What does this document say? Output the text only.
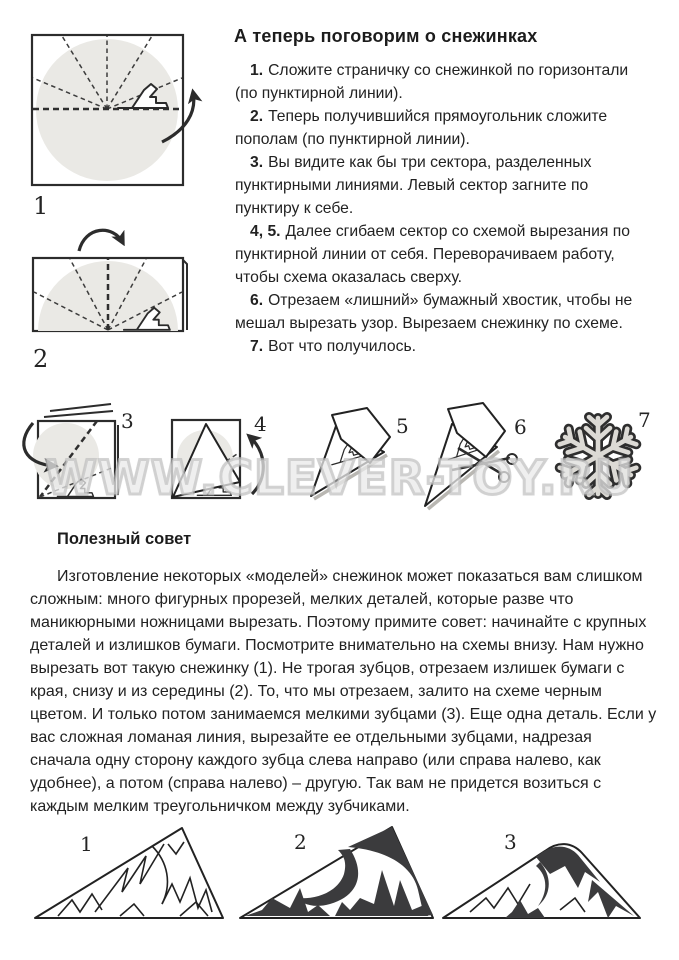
WWW.CLEVER-TOY.RU
1
2
3	4	5	6	7
1	2	3
А теперь поговорим о снежинках

1. Сложите страничку со снежинкой по горизонтали (по пунктирной линии).

2. Теперь получившийся прямоугольник сложите пополам (по пунктирной линии).

3. Вы видите как бы три сектора, разделенных пунктирными линиями. Левый сектор загните по пунктиру к себе.

4, 5. Далее сгибаем сектор со схемой вырезания по пунктирной линии от себя. Переворачиваем работу, чтобы схема оказалась сверху.

6. Отрезаем «лишний» бумажный хвостик, чтобы не мешал вырезать узор. Вырезаем снежинку по схеме.

7. Вот что получилось.

Полезный совет
Изготовление некоторых «моделей» снежинок может показаться вам слишком сложным: много фигурных прорезей, мелких деталей, которые разве что маникюрными ножницами вырезать. Поэтому примите совет: начинайте с крупных деталей и излишков бумаги. Посмотрите внимательно на схемы внизу. Нам нужно вырезать вот такую снежинку (1). Не трогая зубцов, отрезаем излишек бумаги с края, снизу и из середины (2). То, что мы отрезаем, залито на схеме черным цветом. И только потом занимаемся мелкими зубцами (3). Еще одна деталь. Если у вас сложная ломаная линия, вырезайте ее отдельными зубцами, надрезая сначала одну сторону каждого зубца слева направо (или справа налево, как удобнее), а потом (справа налево) – другую. Так вам не придется возиться с каждым мелким треугольничком между зубчиками.
